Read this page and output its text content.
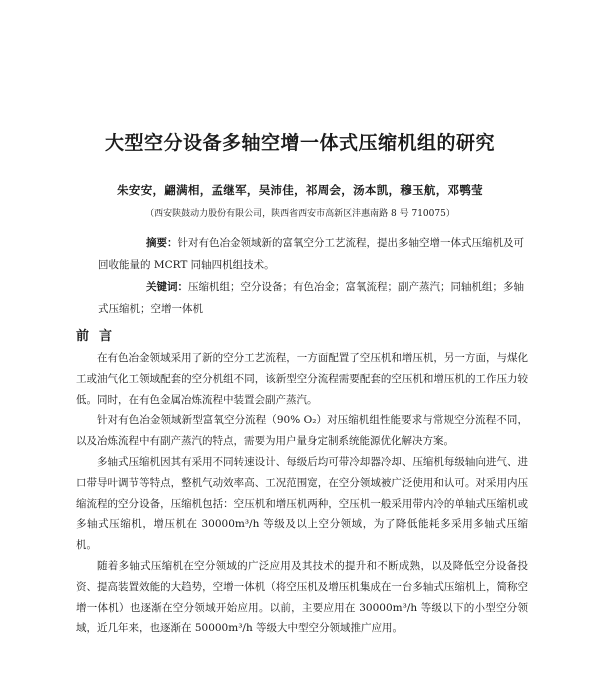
大型空分设备多轴空增一体式压缩机组的研究
朱安安，翩满相，孟继军，吴沛佳，祁周会，汤本凯，穆玉航，邓鹗莹
（西安陕鼓动力股份有限公司，陕西省西安市高新区沣惠南路 8 号 710075）
摘要：针对有色冶金领域新的富氧空分工艺流程，提出多轴空增一体式压缩机及可回收能量的 MCRT 同轴四机组技术。
关键词：压缩机组；空分设备；有色冶金；富氧流程；副产蒸汽；同轴机组；多轴式压缩机；空增一体机
前言

在有色冶金领域采用了新的空分工艺流程，一方面配置了空压机和增压机，另一方面，与煤化工或油气化工领域配套的空分机组不同，该新型空分流程需要配套的空压机和增压机的工作压力较低。同时，在有色金属冶炼流程中装置会副产蒸汽。

针对有色冶金领域新型富氧空分流程（90% O₂）对压缩机组性能要求与常规空分流程不同，以及冶炼流程中有副产蒸汽的特点，需要为用户量身定制系统能源优化解决方案。

多轴式压缩机因其有采用不同转速设计、每级后均可带冷却器冷却、压缩机每级轴向进气、进口带导叶调节等特点，整机气动效率高、工况范围宽，在空分领域被广泛使用和认可。对采用内压缩流程的空分设备，压缩机包括：空压机和增压机两种，空压机一般采用带内冷的单轴式压缩机或多轴式压缩机，增压机在 30000m³/h 等级及以上空分领域，为了降低能耗多采用多轴式压缩机。

随着多轴式压缩机在空分领域的广泛应用及其技术的提升和不断成熟，以及降低空分设备投资、提高装置效能的大趋势，空增一体机（将空压机及增压机集成在一台多轴式压缩机上，简称空增一体机）也逐渐在空分领域开始应用。以前，主要应用在 30000m³/h 等级以下的小型空分领域，近几年来，也逐渐在 50000m³/h 等级大中型空分领域推广应用。
